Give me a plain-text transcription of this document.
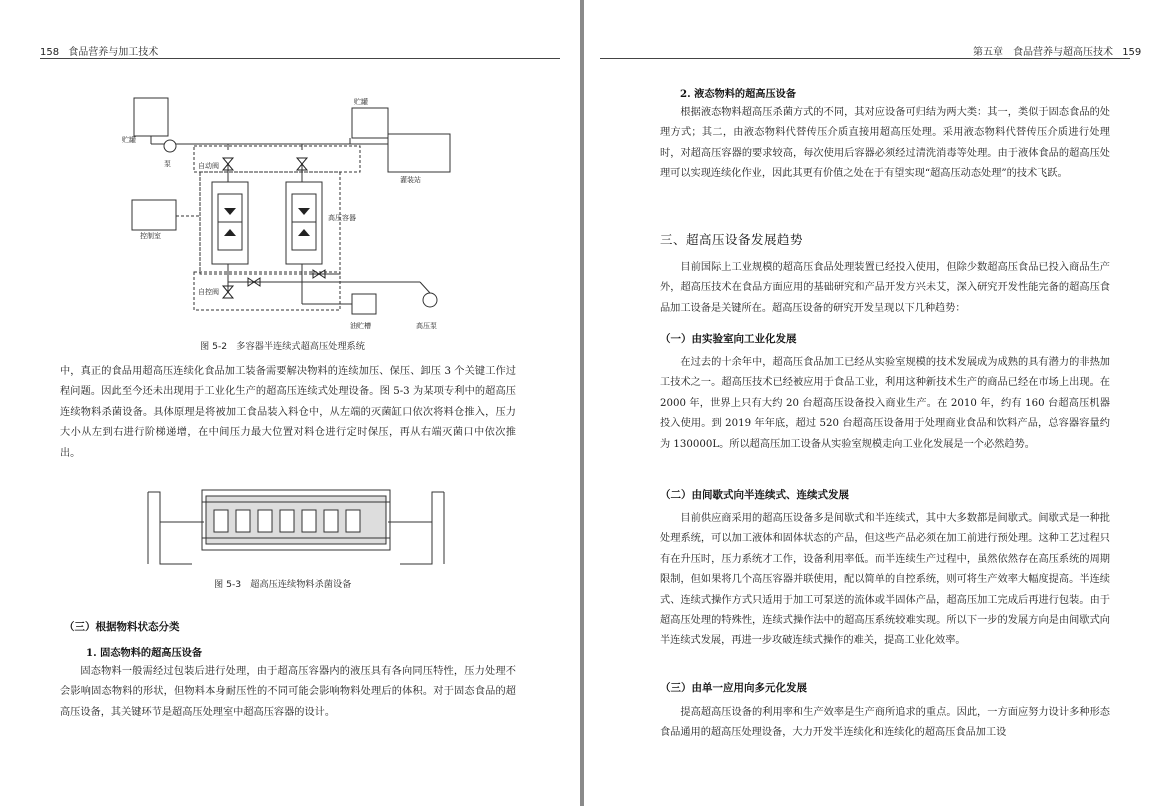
158 食品营养与加工技术
贮罐
泵
贮罐
灌装站
自动阀
控制室
高压容器
自控阀
油贮槽	高压泵
图 5-2　多容器半连续式超高压处理系统

中，真正的食品用超高压连续化食品加工装备需要解决物料的连续加压、保压、卸压 3 个关键工作过程问题。因此至今还未出现用于工业化生产的超高压连续式处理设备。图 5-3 为某项专利中的超高压连续物料杀菌设备。具体原理是将被加工食品装入料仓中，从左端的灭菌缸口依次将料仓推入，压力大小从左到右进行阶梯递增，在中间压力最大位置对料仓进行定时保压，再从右端灭菌口中依次推出。

图 5-3　超高压连续物料杀菌设备
（三）根据物料状态分类
1. 固态物料的超高压设备

固态物料一般需经过包装后进行处理，由于超高压容器内的液压具有各向同压特性，压力处理不会影响固态物料的形状，但物料本身耐压性的不同可能会影响物料处理后的体积。对于固态食品的超高压设备，其关键环节是超高压处理室中超高压容器的设计。

第五章　食品营养与超高压技术 159
2. 液态物料的超高压设备

根据液态物料超高压杀菌方式的不同，其对应设备可归结为两大类：其一，类似于固态食品的处理方式；其二，由液态物料代替传压介质直接用超高压处理。采用液态物料代替传压介质进行处理时，对超高压容器的要求较高，每次使用后容器必须经过清洗消毒等处理。由于液体食品的超高压处理可以实现连续化作业，因此其更有价值之处在于有望实现“超高压动态处理”的技术飞跃。

三、超高压设备发展趋势

目前国际上工业规模的超高压食品处理装置已经投入使用，但除少数超高压食品已投入商品生产外，超高压技术在食品方面应用的基础研究和产品开发方兴未艾，深入研究开发性能完备的超高压食品加工设备是关键所在。超高压设备的研究开发呈现以下几种趋势：

（一）由实验室向工业化发展

在过去的十余年中，超高压食品加工已经从实验室规模的技术发展成为成熟的具有潜力的非热加工技术之一。超高压技术已经被应用于食品工业，利用这种新技术生产的商品已经在市场上出现。在 2000 年，世界上只有大约 20 台超高压设备投入商业生产。在 2010 年，约有 160 台超高压机器投入使用。到 2019 年年底，超过 520 台超高压设备用于处理商业食品和饮料产品，总容器容量约为 130000L。所以超高压加工设备从实验室规模走向工业化发展是一个必然趋势。

（二）由间歇式向半连续式、连续式发展

目前供应商采用的超高压设备多是间歇式和半连续式，其中大多数都是间歇式。间歇式是一种批处理系统，可以加工液体和固体状态的产品，但这些产品必须在加工前进行预处理。这种工艺过程只有在升压时，压力系统才工作，设备利用率低。而半连续生产过程中，虽然依然存在高压系统的周期限制，但如果将几个高压容器并联使用，配以简单的自控系统，则可将生产效率大幅度提高。半连续式、连续式操作方式只适用于加工可泵送的流体或半固体产品，超高压加工完成后再进行包装。由于超高压处理的特殊性，连续式操作法中的超高压系统较难实现。所以下一步的发展方向是由间歇式向半连续式发展，再进一步攻破连续式操作的难关，提高工业化效率。

（三）由单一应用向多元化发展

提高超高压设备的利用率和生产效率是生产商所追求的重点。因此，一方面应努力设计多种形态食品通用的超高压处理设备，大力开发半连续化和连续化的超高压食品加工设
